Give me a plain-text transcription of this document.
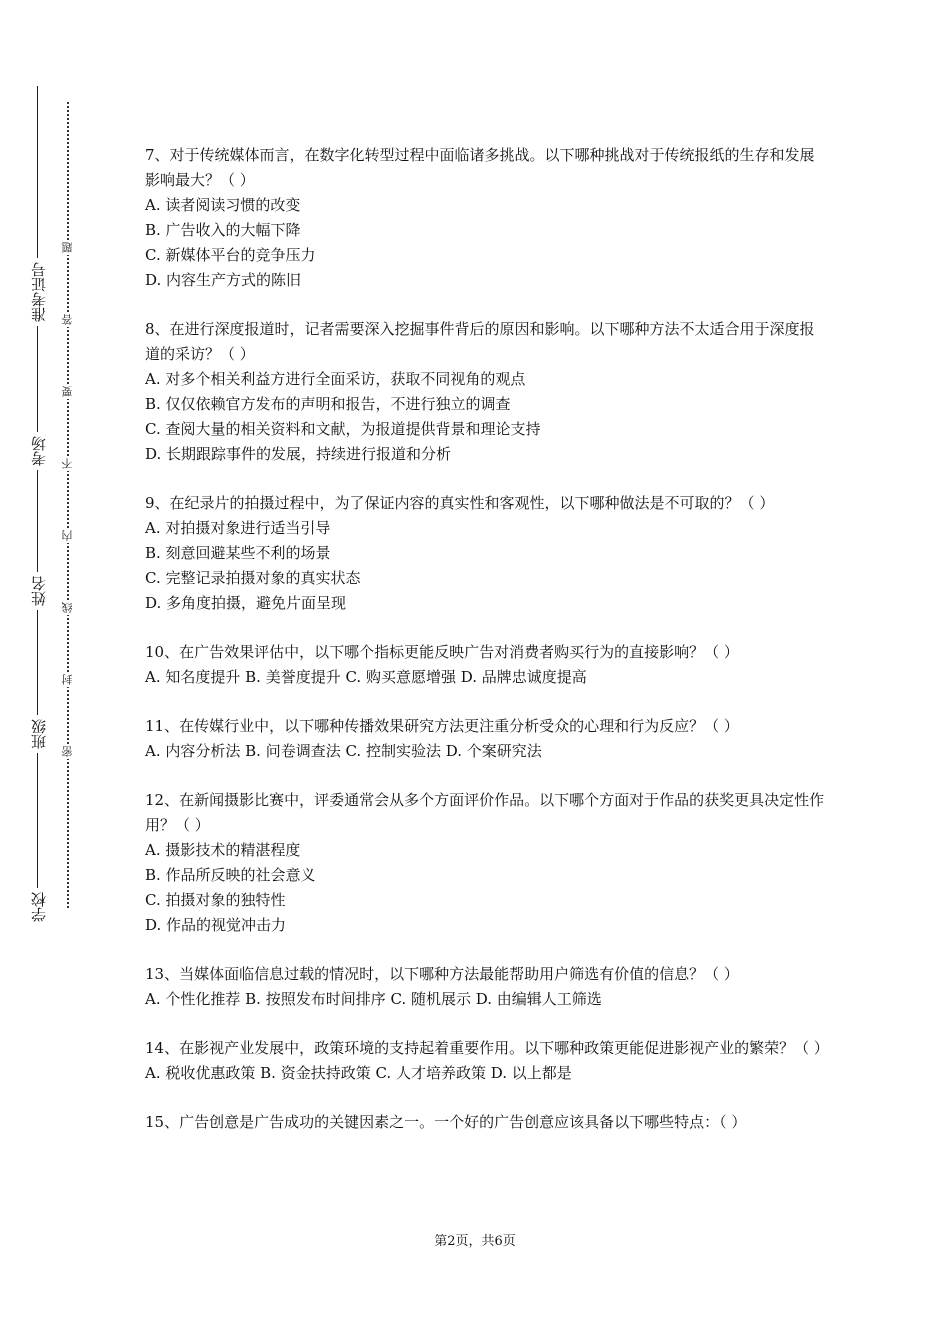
准考证号
考场
姓名
班级
学校
题
答
要
不
内
线
封
密

7、对于传统媒体而言，在数字化转型过程中面临诸多挑战。以下哪种挑战对于传统报纸的生存和发展影响最大？（ ）

A. 读者阅读习惯的改变

B. 广告收入的大幅下降

C. 新媒体平台的竞争压力

D. 内容生产方式的陈旧

8、在进行深度报道时，记者需要深入挖掘事件背后的原因和影响。以下哪种方法不太适合用于深度报道的采访？（ ）

A. 对多个相关利益方进行全面采访，获取不同视角的观点

B. 仅仅依赖官方发布的声明和报告，不进行独立的调查

C. 查阅大量的相关资料和文献，为报道提供背景和理论支持

D. 长期跟踪事件的发展，持续进行报道和分析

9、在纪录片的拍摄过程中，为了保证内容的真实性和客观性，以下哪种做法是不可取的？（ ）

A. 对拍摄对象进行适当引导

B. 刻意回避某些不利的场景

C. 完整记录拍摄对象的真实状态

D. 多角度拍摄，避免片面呈现

10、在广告效果评估中，以下哪个指标更能反映广告对消费者购买行为的直接影响？（ ）

A. 知名度提升 B. 美誉度提升 C. 购买意愿增强 D. 品牌忠诚度提高

11、在传媒行业中，以下哪种传播效果研究方法更注重分析受众的心理和行为反应？（ ）

A. 内容分析法 B. 问卷调查法 C. 控制实验法 D. 个案研究法

12、在新闻摄影比赛中，评委通常会从多个方面评价作品。以下哪个方面对于作品的获奖更具决定性作用？（ ）

A. 摄影技术的精湛程度

B. 作品所反映的社会意义

C. 拍摄对象的独特性

D. 作品的视觉冲击力

13、当媒体面临信息过载的情况时，以下哪种方法最能帮助用户筛选有价值的信息？（ ）

A. 个性化推荐 B. 按照发布时间排序 C. 随机展示 D. 由编辑人工筛选

14、在影视产业发展中，政策环境的支持起着重要作用。以下哪种政策更能促进影视产业的繁荣？（ ）

A. 税收优惠政策 B. 资金扶持政策 C. 人才培养政策 D. 以上都是

15、广告创意是广告成功的关键因素之一。一个好的广告创意应该具备以下哪些特点：（ ）

第2页，共6页
